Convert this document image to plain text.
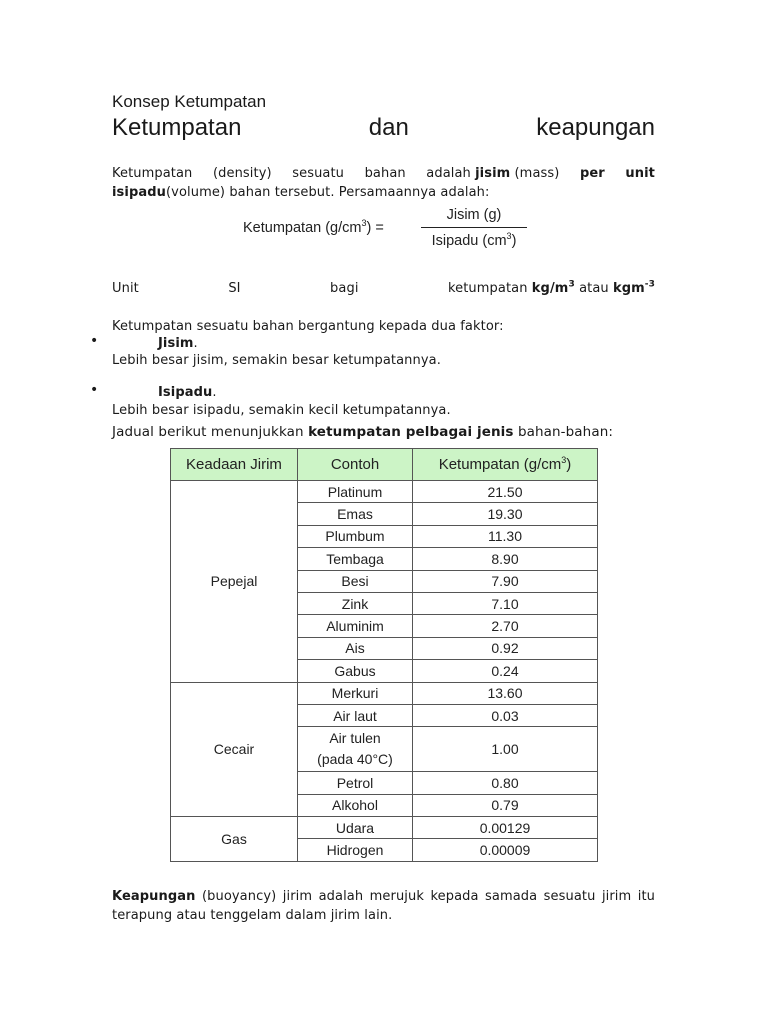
Konsep Ketumpatan
Ketumpatan	dan	keapungan
Ketumpatan (density) sesuatu bahan adalah jisim (mass) per unit
isipadu(volume) bahan tersebut. Persamaannya adalah:
Ketumpatan $(g/cm^3)$ =
Jisim (g)
Isipadu $(cm^3)$
Unit	SI	bagi	ketumpatan $kg/m^3$ atau kgm$^{-3}$
Ketumpatan sesuatu bahan bergantung kepada dua faktor:
•	Jisim.
Lebih besar jisim, semakin besar ketumpatannya.
•	Isipadu.
Lebih besar isipadu, semakin kecil ketumpatannya.
Jadual berikut menunjukkan ketumpatan pelbagai jenis bahan-bahan:
Keadaan Jirim	Contoh	Ketumpatan $(g/cm^3)$
Pepejal	Platinum	21.50
	Emas	19.30
	Plumbum	11.30
	Tembaga	8.90
	Besi	7.90
	Zink	7.10
	Aluminim	2.70
	Ais	0.92
	Gabus	0.24
Cecair	Merkuri	13.60
	Air laut	0.03

	Air tulen
(pada 40°C)	1.00
	Petrol	0.80
	Alkohol	0.79
Gas	Udara	0.00129
	Hidrogen	0.00009
Keapungan (buoyancy) jirim adalah merujuk kepada samada sesuatu jirim itu
terapung atau tenggelam dalam jirim lain.
